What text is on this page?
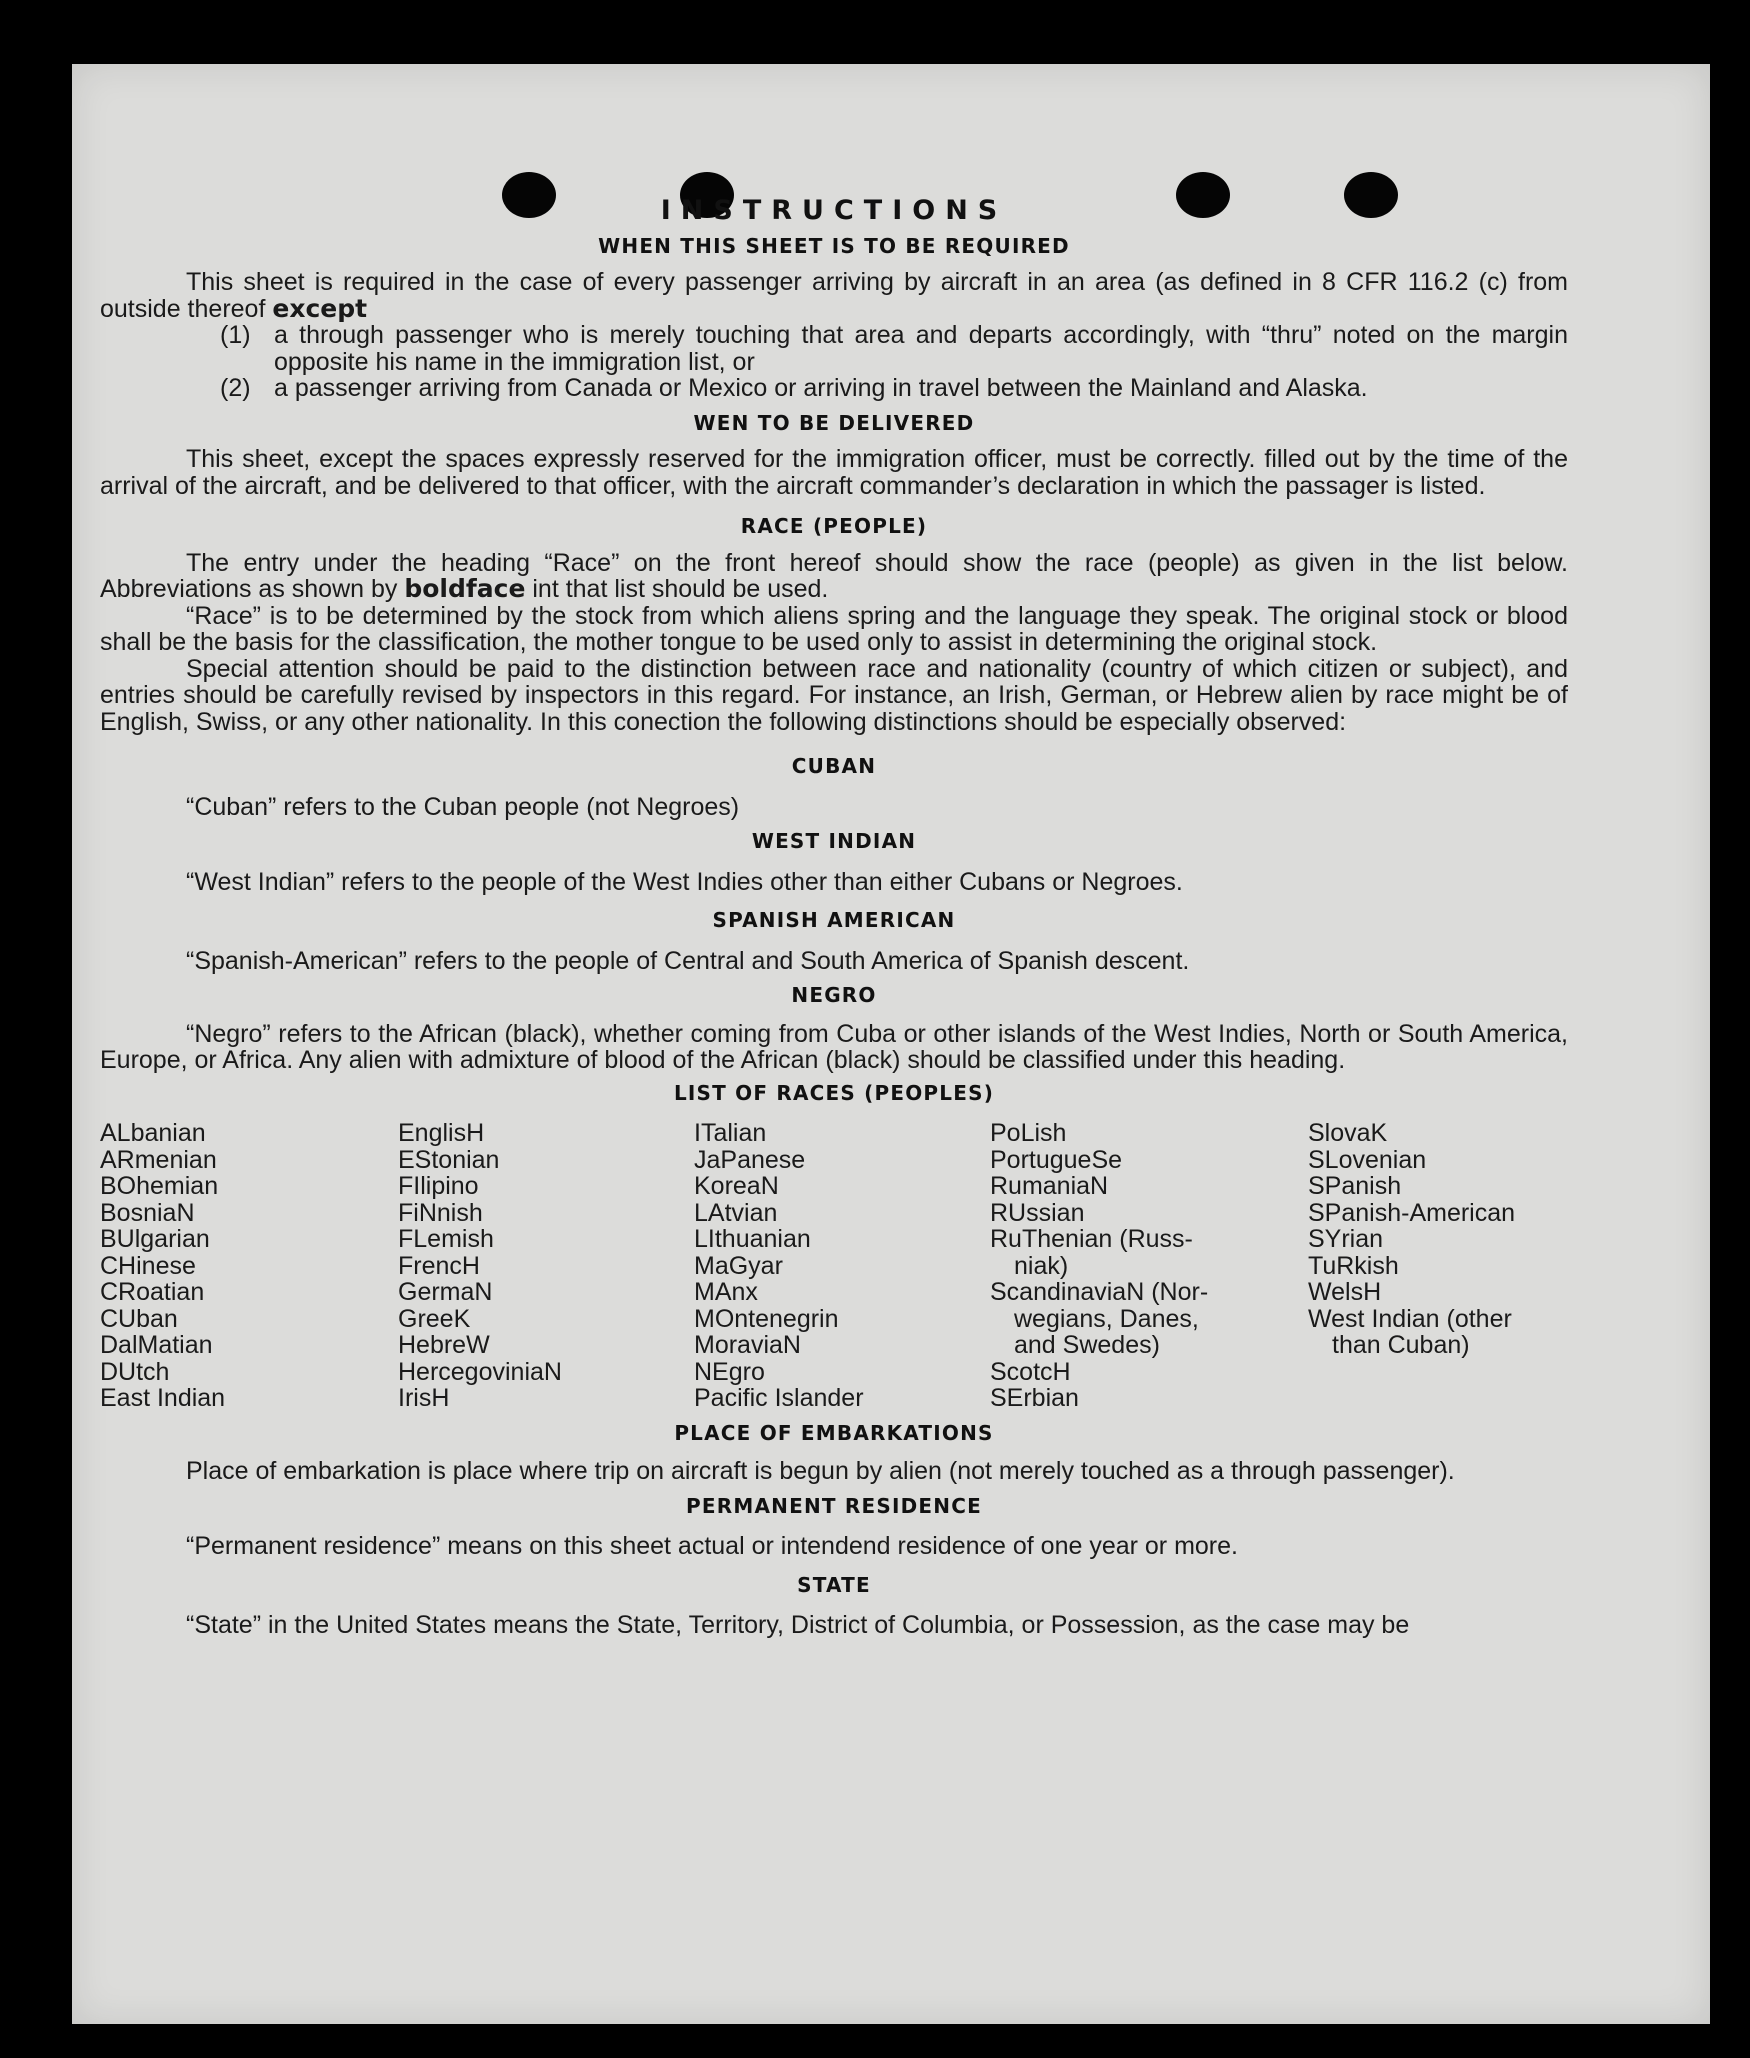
INSTRUCTIONS
WHEN THIS SHEET IS TO BE REQUIRED

This sheet is required in the case of every passenger arriving by aircraft in an area (as defined in 8 CFR 116.2 (c) from outside thereof except

(1) a through passenger who is merely touching that area and departs accordingly, with “thru” noted on the margin opposite his name in the immigration list, or
(2) a passenger arriving from Canada or Mexico or arriving in travel between the Mainland and Alaska.
WEN TO BE DELIVERED

This sheet, except the spaces expressly reserved for the immigration officer, must be correctly. filled out by the time of the arrival of the aircraft, and be delivered to that officer, with the aircraft commander’s declaration in which the passager is listed.

RACE (PEOPLE)

The entry under the heading “Race” on the front hereof should show the race (people) as given in the list below. Abbreviations as shown by boldface int that list should be used.

“Race” is to be determined by the stock from which aliens spring and the language they speak. The original stock or blood shall be the basis for the classification, the mother tongue to be used only to assist in determining the original stock.

Special attention should be paid to the distinction between race and nationality (country of which citizen or subject), and entries should be carefully revised by inspectors in this regard. For instance, an Irish, German, or Hebrew alien by race might be of English, Swiss, or any other nationality. In this conection the following distinctions should be especially observed:

CUBAN

“Cuban” refers to the Cuban people (not Negroes)

WEST INDIAN

“West Indian” refers to the people of the West Indies other than either Cubans or Negroes.

SPANISH AMERICAN

“Spanish-American” refers to the people of Central and South America of Spanish descent.

NEGRO

“Negro” refers to the African (black), whether coming from Cuba or other islands of the West Indies, North or South America, Europe, or Africa. Any alien with admixture of blood of the African (black) should be classified under this heading.

LIST OF RACES (PEOPLES)
ALbanian
ARmenian
BOhemian
BosniaN
BUlgarian
CHinese
CRoatian
CUban
DalMatian
DUtch
East Indian
EnglisH
EStonian
FIlipino
FiNnish
FLemish
FrencH
GermaN
GreeK
HebreW
HercegoviniaN
IrisH
ITalian
JaPanese
KoreaN
LAtvian
LIthuanian
MaGyar
MAnx
MOntenegrin
MoraviaN
NEgro
Pacific Islander
PoLish
PortugueSe
RumaniaN
RUssian
RuThenian (Russ-
niak)
ScandinaviaN (Nor-
wegians, Danes,
and Swedes)
ScotcH
SErbian
SlovaK
SLovenian
SPanish
SPanish-American
SYrian
TuRkish
WelsH
West Indian (other
than Cuban)
PLACE OF EMBARKATIONS

Place of embarkation is place where trip on aircraft is begun by alien (not merely touched as a through passenger).

PERMANENT RESIDENCE

“Permanent residence” means on this sheet actual or intendend residence of one year or more.

STATE

“State” in the United States means the State, Territory, District of Columbia, or Possession, as the case may be
